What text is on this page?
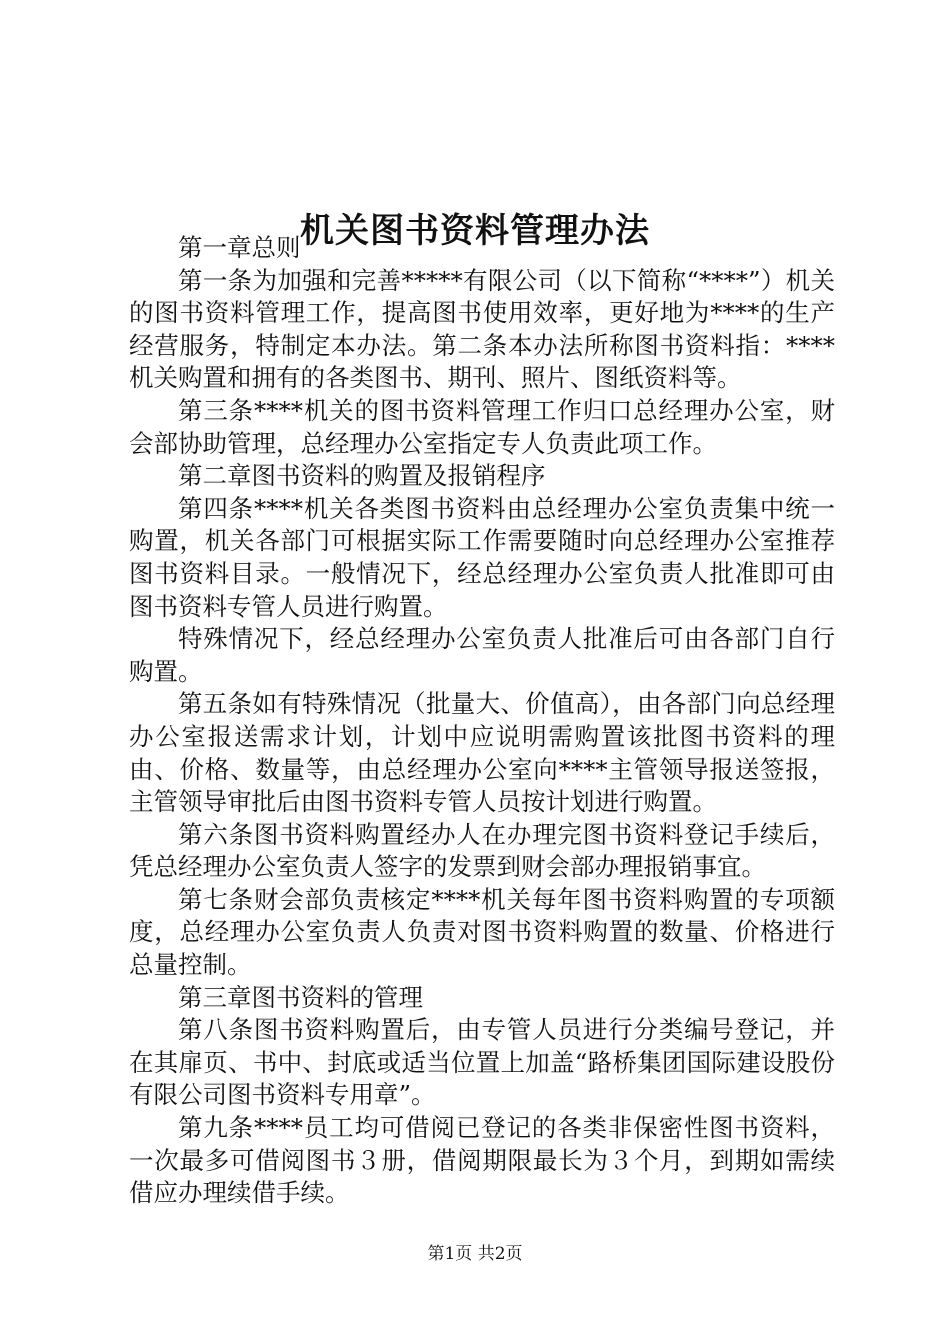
机关图书资料管理办法

第一章总则

第一条为加强和完善*****有限公司（以下简称“****”）机关的图书资料管理工作，提高图书使用效率，更好地为****的生产经营服务，特制定本办法。第二条本办法所称图书资料指：****机关购置和拥有的各类图书、期刊、照片、图纸资料等。

第三条****机关的图书资料管理工作归口总经理办公室，财会部协助管理，总经理办公室指定专人负责此项工作。

第二章图书资料的购置及报销程序

第四条****机关各类图书资料由总经理办公室负责集中统一购置，机关各部门可根据实际工作需要随时向总经理办公室推荐图书资料目录。一般情况下，经总经理办公室负责人批准即可由图书资料专管人员进行购置。

特殊情况下，经总经理办公室负责人批准后可由各部门自行购置。

第五条如有特殊情况（批量大、价值高），由各部门向总经理办公室报送需求计划，计划中应说明需购置该批图书资料的理由、价格、数量等，由总经理办公室向****主管领导报送签报，主管领导审批后由图书资料专管人员按计划进行购置。

第六条图书资料购置经办人在办理完图书资料登记手续后，凭总经理办公室负责人签字的发票到财会部办理报销事宜。

第七条财会部负责核定****机关每年图书资料购置的专项额度，总经理办公室负责人负责对图书资料购置的数量、价格进行总量控制。

第三章图书资料的管理

第八条图书资料购置后，由专管人员进行分类编号登记，并在其扉页、书中、封底或适当位置上加盖“路桥集团国际建设股份有限公司图书资料专用章”。

第九条****员工均可借阅已登记的各类非保密性图书资料，一次最多可借阅图书３册，借阅期限最长为３个月，到期如需续借应办理续借手续。

第1页 共2页
